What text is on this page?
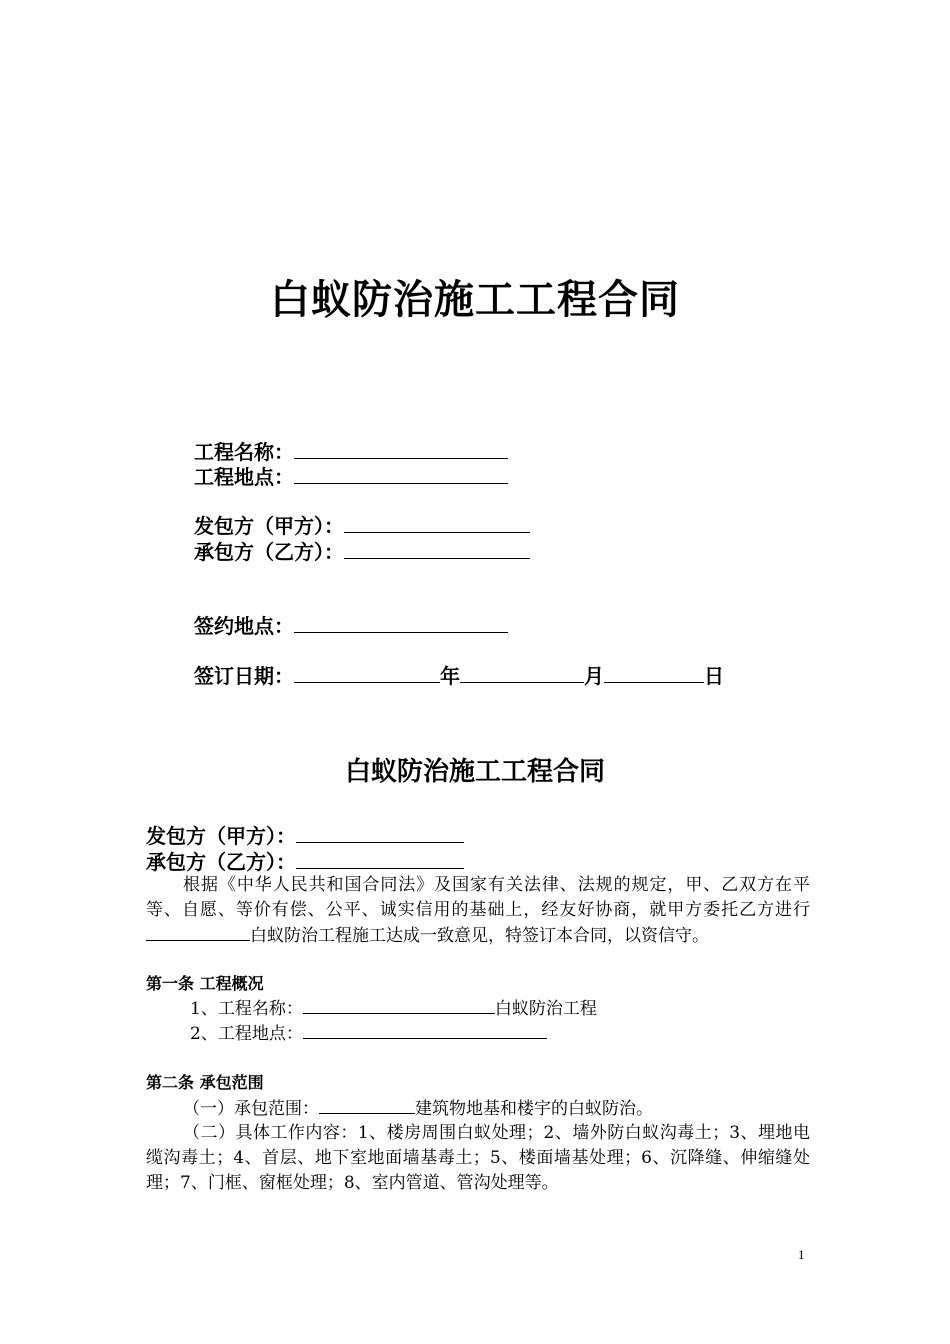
白蚁防治施工工程合同
工程名称：
工程地点：
发包方（甲方）：
承包方（乙方）：
签约地点：
签订日期：	年	月	日
白蚁防治施工工程合同
发包方（甲方）：
承包方（乙方）：
根据《中华人民共和国合同法》及国家有关法律、法规的规定，甲、乙双方在平等、自愿、等价有偿、公平、诚实信用的基础上，经友好协商，就甲方委托乙方进行白蚁防治工程施工达成一致意见，特签订本合同，以资信守。
第一条 工程概况
1、工程名称：	白蚁防治工程
2、工程地点：
第二条 承包范围
（一）承包范围：	建筑物地基和楼宇的白蚁防治。
（二）具体工作内容：1、楼房周围白蚁处理；2、墙外防白蚁沟毒土；3、埋地电缆沟毒土；4、首层、地下室地面墙基毒土；5、楼面墙基处理；6、沉降缝、伸缩缝处理；7、门框、窗框处理；8、室内管道、管沟处理等。
1
